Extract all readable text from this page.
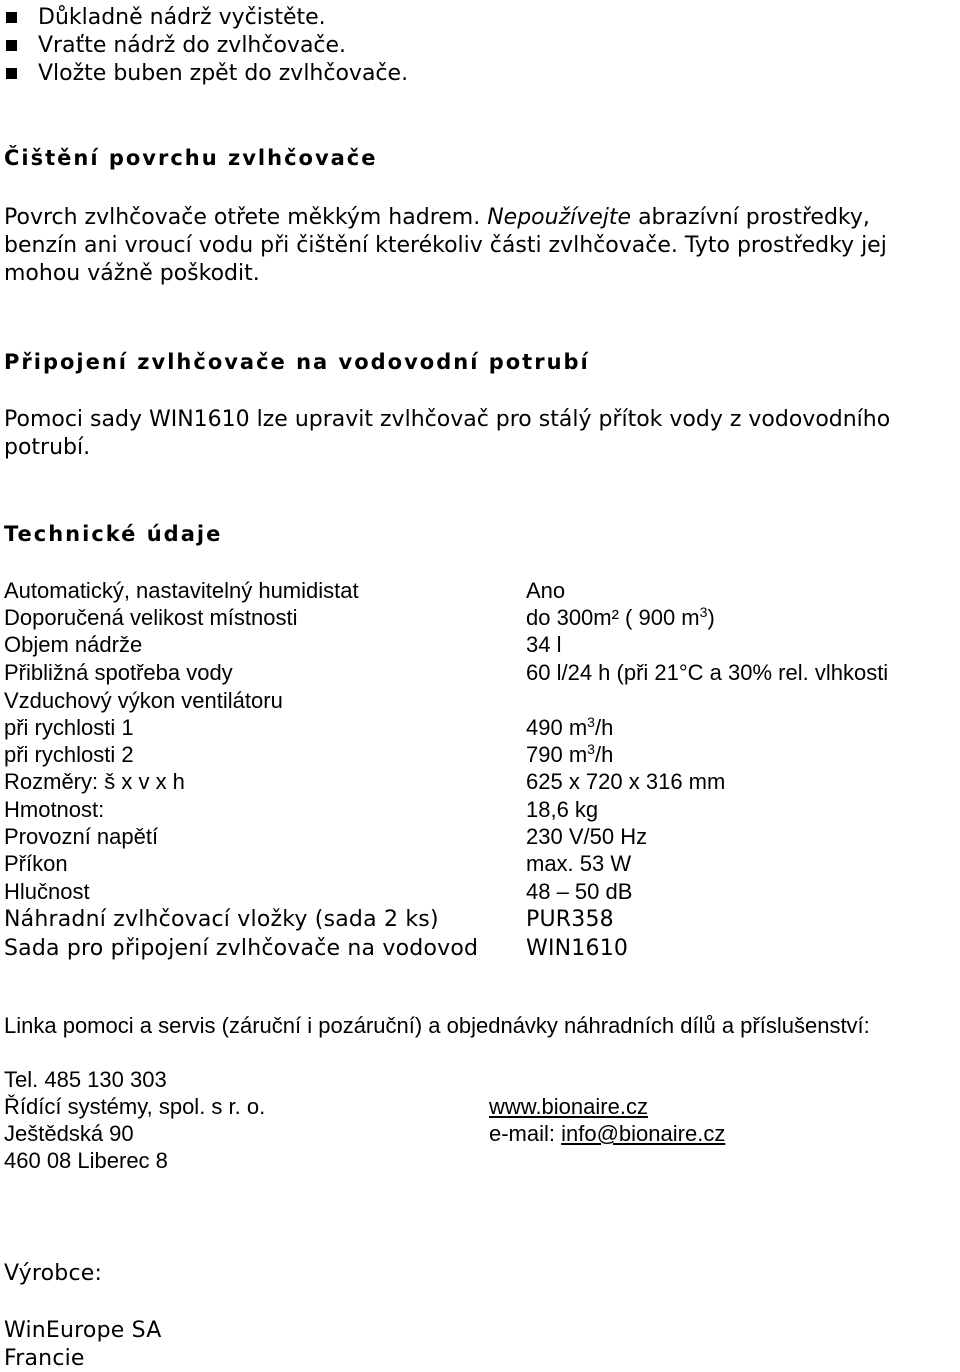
Důkladně nádrž vyčistěte.
Vraťte nádrž do zvlhčovače.
Vložte buben zpět do zvlhčovače.
Čištění povrchu zvlhčovače
Povrch zvlhčovače otřete měkkým hadrem. Nepoužívejte abrazívní prostředky,
benzín ani vroucí vodu při čištění kterékoliv části zvlhčovače. Tyto prostředky jej
mohou vážně poškodit.
Připojení zvlhčovače na vodovodní potrubí
Pomoci sady WIN1610 lze upravit zvlhčovač pro stálý přítok vody z vodovodního
potrubí.
Technické údaje
Automatický, nastavitelný humidistat	Ano
Doporučená velikost místnosti	do 300m² ( 900 $m^3$)
Objem nádrže	34 l
Přibližná spotřeba vody	60 l/24 h (při 21°C a 30% rel. vlhkosti
Vzduchový výkon ventilátoru
při rychlosti 1	490 $m^3/h$
při rychlosti 2	790 $m^3/h$
Rozměry: š x v x h	625 x 720 x 316 mm
Hmotnost:	18,6 kg
Provozní napětí	230 V/50 Hz
Příkon	max. 53 W
Hlučnost	48 – 50 dB
Náhradní zvlhčovací vložky (sada 2 ks)	PUR358
Sada pro připojení zvlhčovače na vodovod WIN1610
Linka pomoci a servis (záruční i pozáruční) a objednávky náhradních dílů a příslušenství:
Tel. 485 130 303
Řídící systémy, spol. s r. o.
Ještědská 90
460 08 Liberec 8
www.bionaire.cz
e-mail: info@bionaire.cz
Výrobce:
WinEurope SA
Francie
